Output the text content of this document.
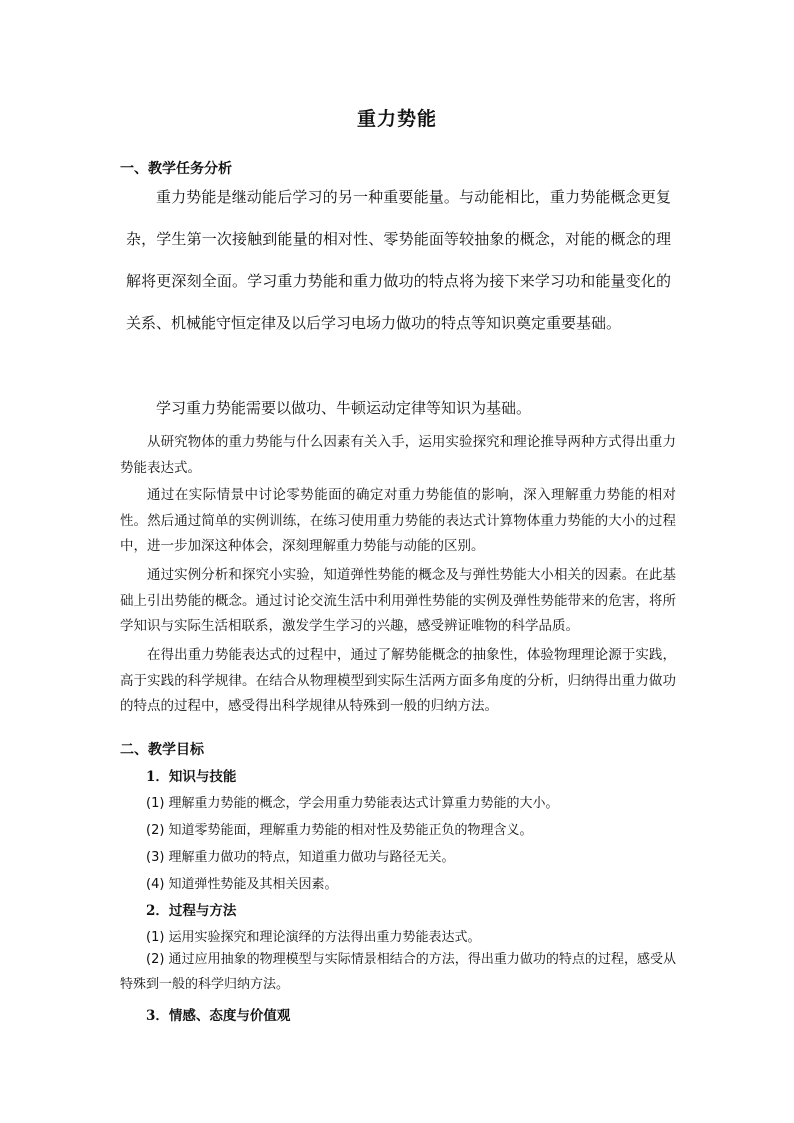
重力势能
一、教学任务分析
重力势能是继动能后学习的另一种重要能量。与动能相比，重力势能概念更复杂，学生第一次接触到能量的相对性、零势能面等较抽象的概念，对能的概念的理解将更深刻全面。学习重力势能和重力做功的特点将为接下来学习功和能量变化的关系、机械能守恒定律及以后学习电场力做功的特点等知识奠定重要基础。
学习重力势能需要以做功、牛顿运动定律等知识为基础。
从研究物体的重力势能与什么因素有关入手，运用实验探究和理论推导两种方式得出重力势能表达式。
通过在实际情景中讨论零势能面的确定对重力势能值的影响，深入理解重力势能的相对性。然后通过简单的实例训练，在练习使用重力势能的表达式计算物体重力势能的大小的过程中，进一步加深这种体会，深刻理解重力势能与动能的区别。
通过实例分析和探究小实验，知道弹性势能的概念及与弹性势能大小相关的因素。在此基础上引出势能的概念。通过讨论交流生活中利用弹性势能的实例及弹性势能带来的危害，将所学知识与实际生活相联系，激发学生学习的兴趣，感受辨证唯物的科学品质。
在得出重力势能表达式的过程中，通过了解势能概念的抽象性，体验物理理论源于实践，高于实践的科学规律。在结合从物理模型到实际生活两方面多角度的分析，归纳得出重力做功的特点的过程中，感受得出科学规律从特殊到一般的归纳方法。
二、教学目标
1．知识与技能
(1) 理解重力势能的概念，学会用重力势能表达式计算重力势能的大小。
(2) 知道零势能面，理解重力势能的相对性及势能正负的物理含义。
(3) 理解重力做功的特点，知道重力做功与路径无关。
(4) 知道弹性势能及其相关因素。
2．过程与方法
(1) 运用实验探究和理论演绎的方法得出重力势能表达式。
(2) 通过应用抽象的物理模型与实际情景相结合的方法，得出重力做功的特点的过程，感受从特殊到一般的科学归纳方法。
3．情感、态度与价值观
